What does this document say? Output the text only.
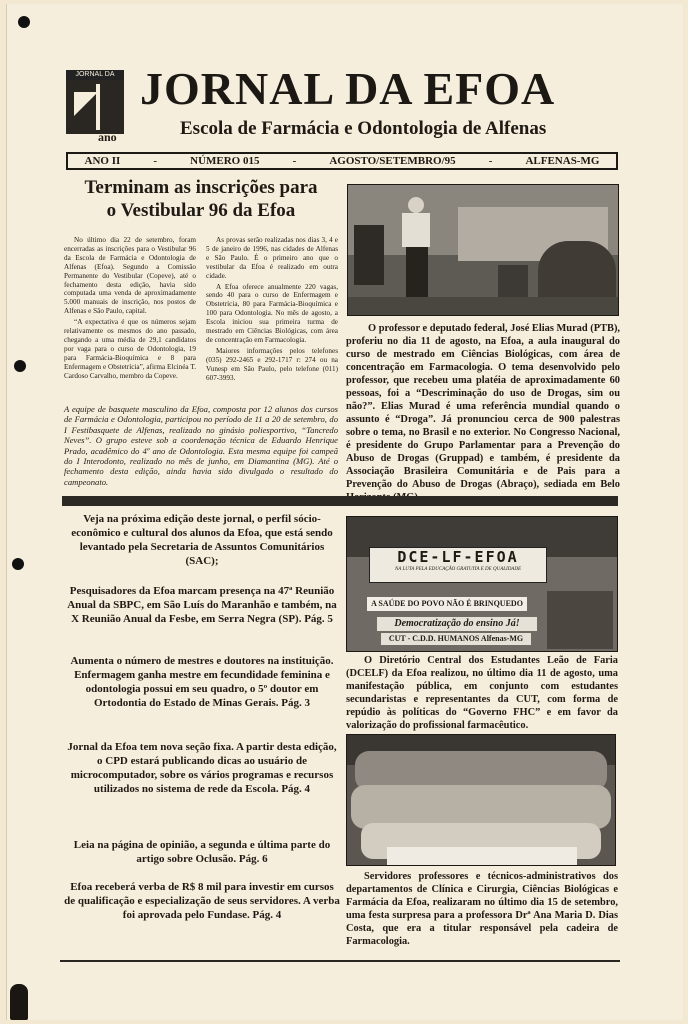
JORNAL DA
ano
JORNAL DA EFOA
Escola de Farmácia e Odontologia de Alfenas
ANO II	-	NÚMERO 015	-	AGOSTO/SETEMBRO/95	-	ALFENAS-MG
Terminam as inscrições para
o Vestibular 96 da Efoa

No último dia 22 de setembro, foram encerradas as inscrições para o Vestibular 96 da Escola de Farmácia e Odontologia de Alfenas (Efoa). Segundo a Comissão Permanente do Vestibular (Copeve), até o fechamento desta edição, havia sido computada uma venda de aproximadamente 5.000 manuais de inscrição, nos postos de Alfenas e São Paulo, capital.

“A expectativa é que os números sejam relativamente os mesmos do ano passado, chegando a uma média de 29,1 candidatos por vaga para o curso de Odontologia, 19 para Farmácia-Bioquímica e 8 para Enfermagem e Obstetrícia”, afirma Elcinéa T. Cardoso Carvalho, membro da Copeve.

As provas serão realizadas nos dias 3, 4 e 5 de janeiro de 1996, nas cidades de Alfenas e São Paulo. É o primeiro ano que o vestibular da Efoa é realizado em outra cidade.

A Efoa oferece anualmente 220 vagas, sendo 40 para o curso de Enfermagem e Obstetrícia, 80 para Farmácia-Bioquímica e 100 para Odontologia. No mês de agosto, a Escola iniciou sua primeira turma de mestrado em Ciências Biológicas, com área de concentração em Farmacologia.

Maiores informações pelos telefones (035) 292-2465 e 292-1717 r: 274 ou na Vunesp em São Paulo, pelo telefone (011) 607-3993.

A equipe de basquete masculino da Efoa, composta por 12 alunos dos cursos de Farmácia e Odontologia, participou no período de 11 a 20 de setembro, do I Festibasquete de Alfenas, realizado no ginásio poliesportivo, “Tancredo Neves”. O grupo esteve sob a coordenação técnica de Eduardo Henrique Prado, acadêmico do 4º ano de Odontologia. Esta mesma equipe foi campeã do I Interodonto, realizado no mês de junho, em Diamantina (MG). Até o fechamento desta edição, ainda havia sido divulgado o resultado do campeonato.
O professor e deputado federal, José Elias Murad (PTB), proferiu no dia 11 de agosto, na Efoa, a aula inaugural do curso de mestrado em Ciências Biológicas, com área de concentração em Farmacologia. O tema desenvolvido pelo professor, que recebeu uma platéia de aproximadamente 60 pessoas, foi a “Descriminação do uso de Drogas, sim ou não?”. Elias Murad é uma referência mundial quando o assunto é “Droga”. Já pronunciou cerca de 900 palestras sobre o tema, no Brasil e no exterior. No Congresso Nacional, é presidente do Grupo Parlamentar para a Prevenção do Abuso de Drogas (Gruppad) e também, é presidente da Associação Brasileira Comunitária e de Pais para a Prevenção do Abuso de Drogas (Abraço), sediada em Belo
Veja na próxima edição deste jornal, o perfil sócio-econômico e cultural dos alunos da Efoa, que está sendo levantado pela Secretaria de Assuntos Comunitários (SAC);
Pesquisadores da Efoa marcam presença na 47ª Reunião Anual da SBPC, em São Luís do Maranhão e também, na X Reunião Anual da Fesbe, em Serra Negra (SP). Pág. 5
Aumenta o número de mestres e doutores na instituição. Enfermagem ganha mestre em fecundidade feminina e odontologia possui em seu quadro, o 5º doutor em Ortodontia do Estado de Minas Gerais. Pág. 3
Jornal da Efoa tem nova seção fixa. A partir desta edição, o CPD estará publicando dicas ao usuário de microcomputador, sobre os vários programas e recursos utilizados no sistema de rede da Escola. Pág. 4
Leia na página de opinião, a segunda e última parte do artigo sobre Oclusão. Pág. 6
Efoa receberá verba de R$ 8 mil para investir em cursos de qualificação e especialização de seus servidores. A verba foi aprovada pelo Fundase. Pág. 4
DCE-LF-EFOA
NA LUTA PELA EDUCAÇÃO GRATUITA E DE QUALIDADE
A SAÚDE DO POVO NÃO É BRINQUEDO
Democratização do ensino Já!
CUT - C.D.D. HUMANOS Alfenas-MG
O Diretório Central dos Estudantes Leão de Faria (DCELF) da Efoa realizou, no último dia 11 de agosto, uma manifestação pública, em conjunto com estudantes secundaristas e representantes da CUT, com forma de repúdio às políticas do “Governo FHC” e em favor da valorização do profissional farmacêutico.
Servidores professores e técnicos-administrativos dos departamentos de Clínica e Cirurgia, Ciências Biológicas e Farmácia da Efoa, realizaram no último dia 15 de setembro, uma festa surpresa para a professora Drª Ana Maria D. Dias Costa, que era a titular responsável pela cadeira de Farmacologia.
